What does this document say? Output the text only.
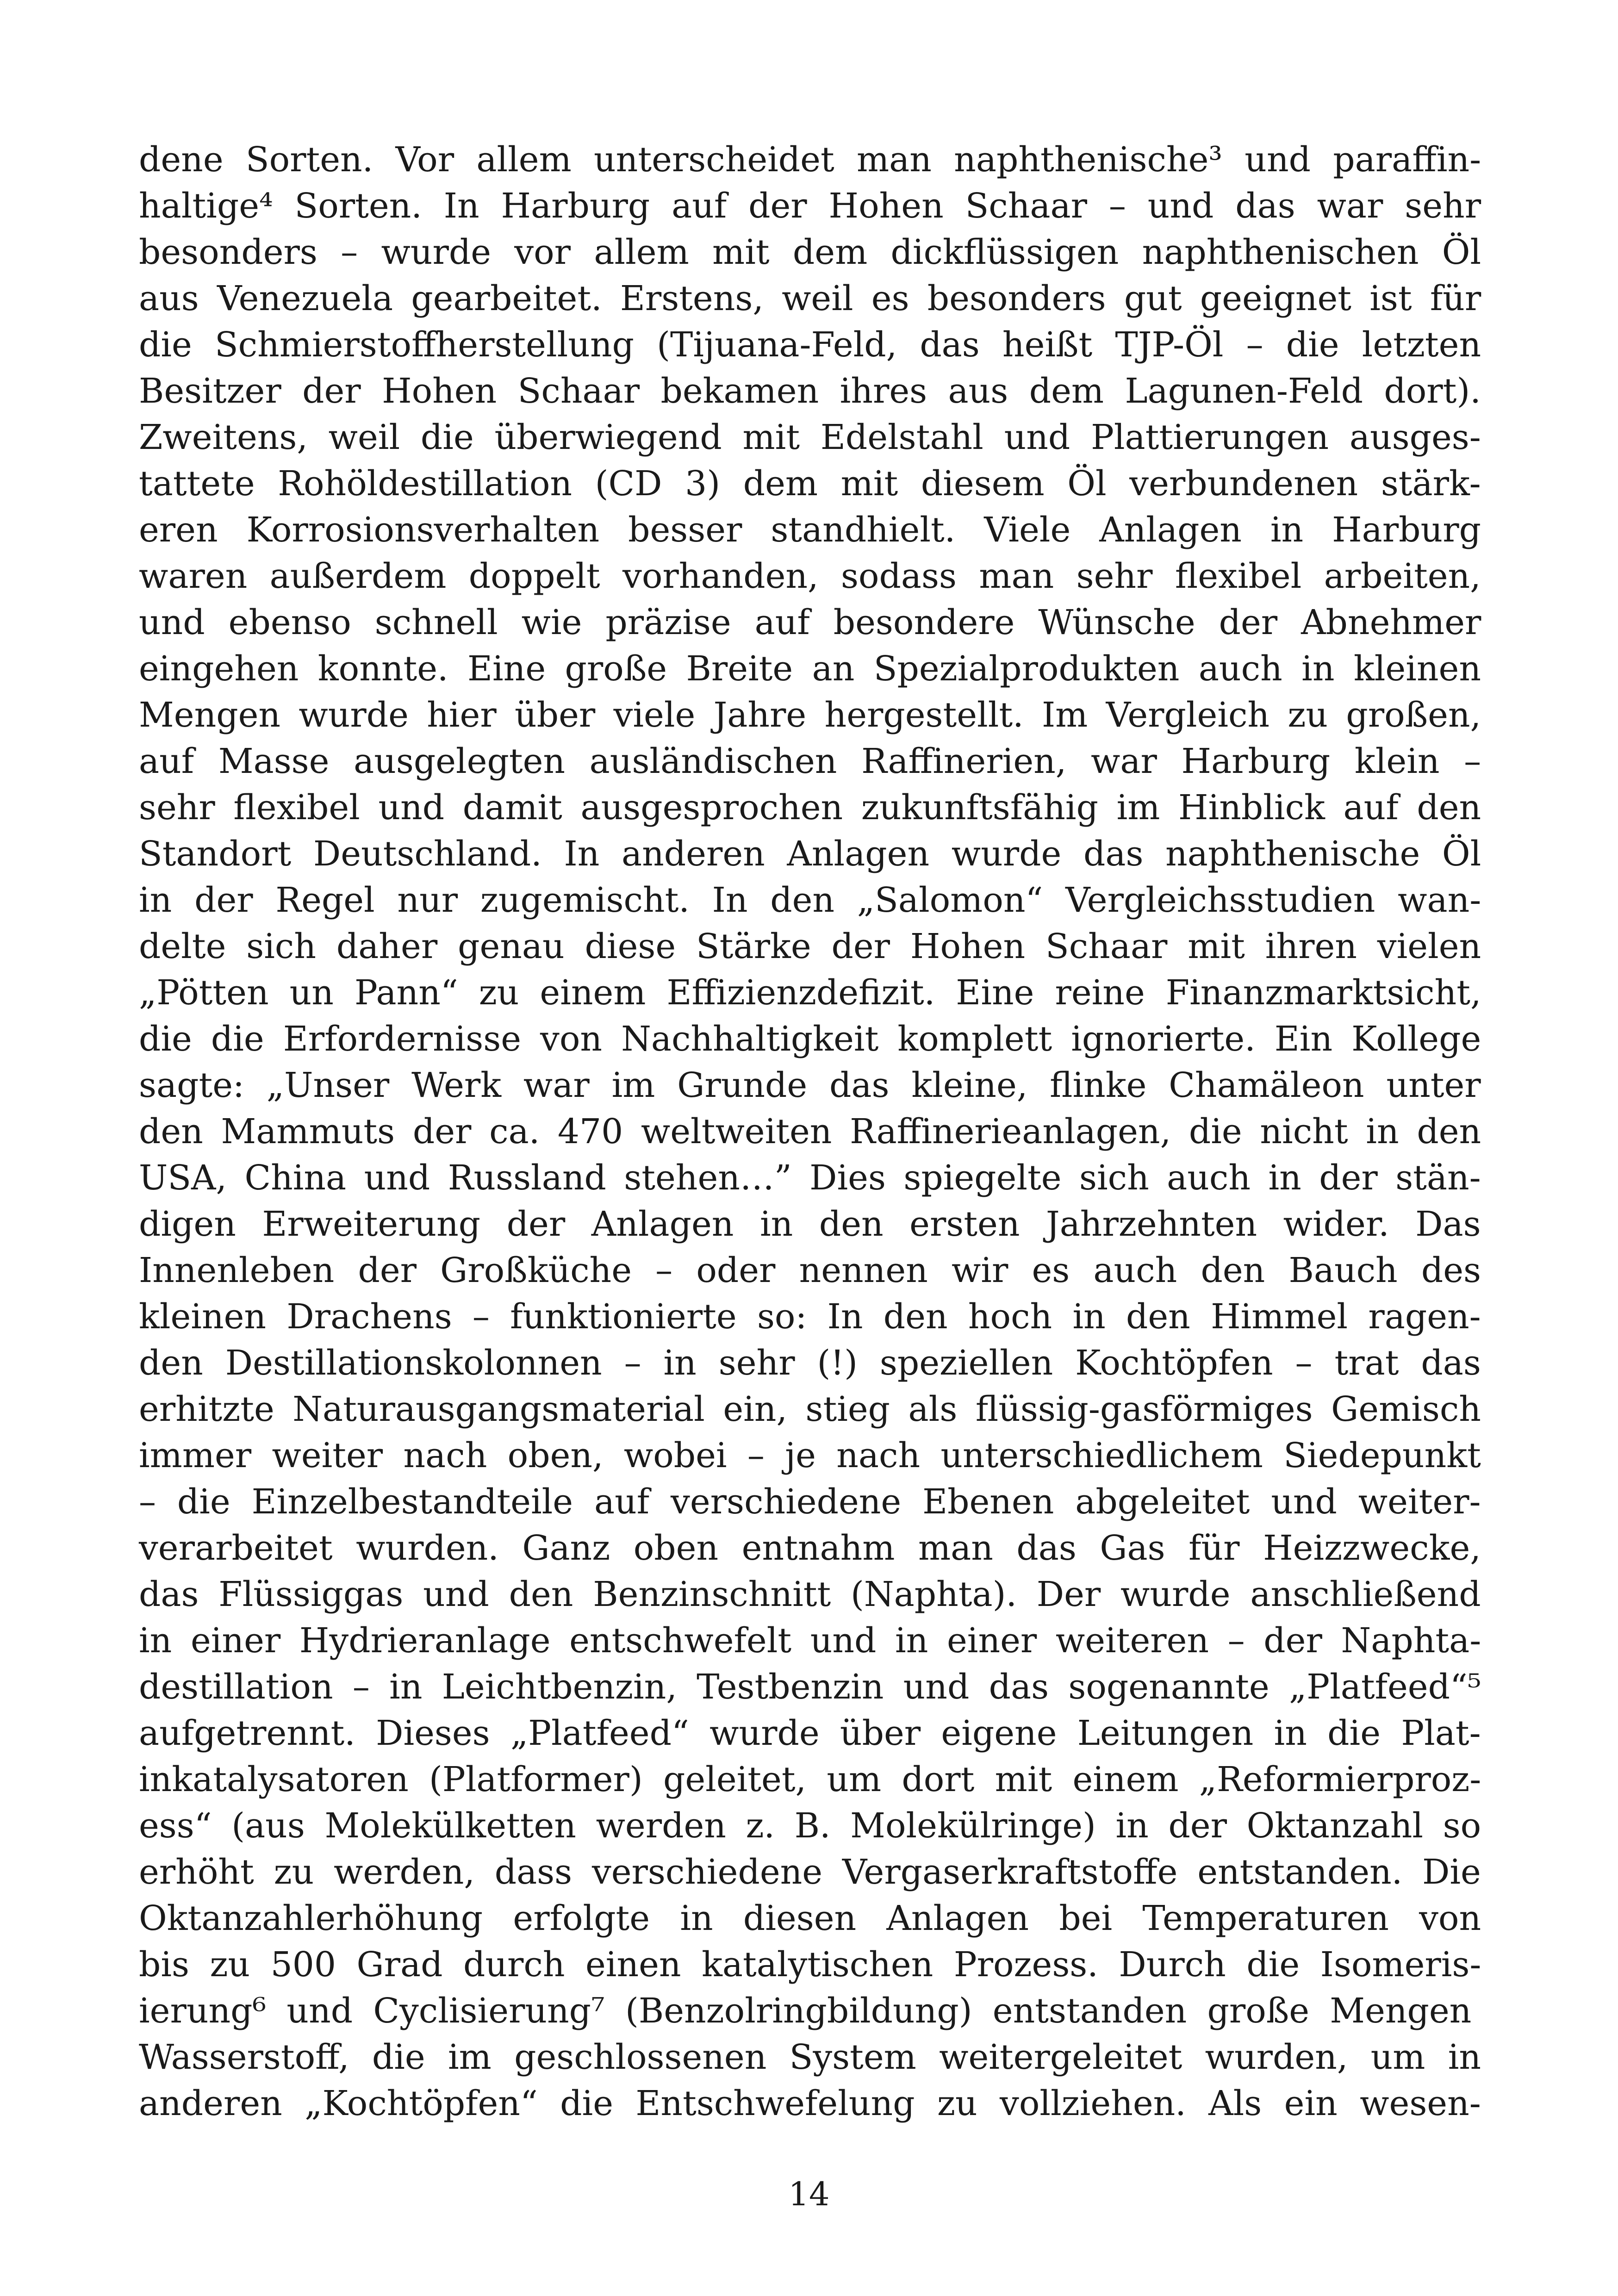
dene Sorten. Vor allem unterscheidet man naphthenische³ und paraffin-
haltige⁴ Sorten. In Harburg auf der Hohen Schaar – und das war sehr
besonders – wurde vor allem mit dem dickflüssigen naphthenischen Öl
aus Venezuela gearbeitet. Erstens, weil es besonders gut geeignet ist für
die Schmierstoffherstellung (Tijuana-Feld, das heißt TJP-Öl – die letzten
Besitzer der Hohen Schaar bekamen ihres aus dem Lagunen-Feld dort).
Zweitens, weil die überwiegend mit Edelstahl und Plattierungen ausges-
tattete Rohöldestillation (CD 3) dem mit diesem Öl verbundenen stärk-
eren Korrosionsverhalten besser standhielt. Viele Anlagen in Harburg
waren außerdem doppelt vorhanden, sodass man sehr flexibel arbeiten,
und ebenso schnell wie präzise auf besondere Wünsche der Abnehmer
eingehen konnte. Eine große Breite an Spezialprodukten auch in kleinen
Mengen wurde hier über viele Jahre hergestellt. Im Vergleich zu großen,
auf Masse ausgelegten ausländischen Raffinerien, war Harburg klein –
sehr flexibel und damit ausgesprochen zukunftsfähig im Hinblick auf den
Standort Deutschland. In anderen Anlagen wurde das naphthenische Öl
in der Regel nur zugemischt. In den „Salomon“ Vergleichsstudien wan-
delte sich daher genau diese Stärke der Hohen Schaar mit ihren vielen
„Pötten un Pann“ zu einem Effizienzdefizit. Eine reine Finanzmarktsicht,
die die Erfordernisse von Nachhaltigkeit komplett ignorierte. Ein Kollege
sagte: „Unser Werk war im Grunde das kleine, flinke Chamäleon unter
den Mammuts der ca. 470 weltweiten Raffinerieanlagen, die nicht in den
USA, China und Russland stehen…” Dies spiegelte sich auch in der stän-
digen Erweiterung der Anlagen in den ersten Jahrzehnten wider. Das
Innenleben der Großküche – oder nennen wir es auch den Bauch des
kleinen Drachens – funktionierte so: In den hoch in den Himmel ragen-
den Destillationskolonnen – in sehr (!) speziellen Kochtöpfen – trat das
erhitzte Naturausgangsmaterial ein, stieg als flüssig-gasförmiges Gemisch
immer weiter nach oben, wobei – je nach unterschiedlichem Siedepunkt
– die Einzelbestandteile auf verschiedene Ebenen abgeleitet und weiter-
verarbeitet wurden. Ganz oben entnahm man das Gas für Heizzwecke,
das Flüssiggas und den Benzinschnitt (Naphta). Der wurde anschließend
in einer Hydrieranlage entschwefelt und in einer weiteren – der Naphta-
destillation – in Leichtbenzin, Testbenzin und das sogenannte „Platfeed“⁵
aufgetrennt. Dieses „Platfeed“ wurde über eigene Leitungen in die Plat-
inkatalysatoren (Platformer) geleitet, um dort mit einem „Reformierproz-
ess“ (aus Molekülketten werden z. B. Molekülringe) in der Oktanzahl so
erhöht zu werden, dass verschiedene Vergaserkraftstoffe entstanden. Die
Oktanzahlerhöhung erfolgte in diesen Anlagen bei Temperaturen von
bis zu 500 Grad durch einen katalytischen Prozess. Durch die Isomeris-
ierung⁶ und Cyclisierung⁷ (Benzolringbildung) entstanden große Mengen
Wasserstoff, die im geschlossenen System weitergeleitet wurden, um in
anderen „Kochtöpfen“ die Entschwefelung zu vollziehen. Als ein wesen-
14
